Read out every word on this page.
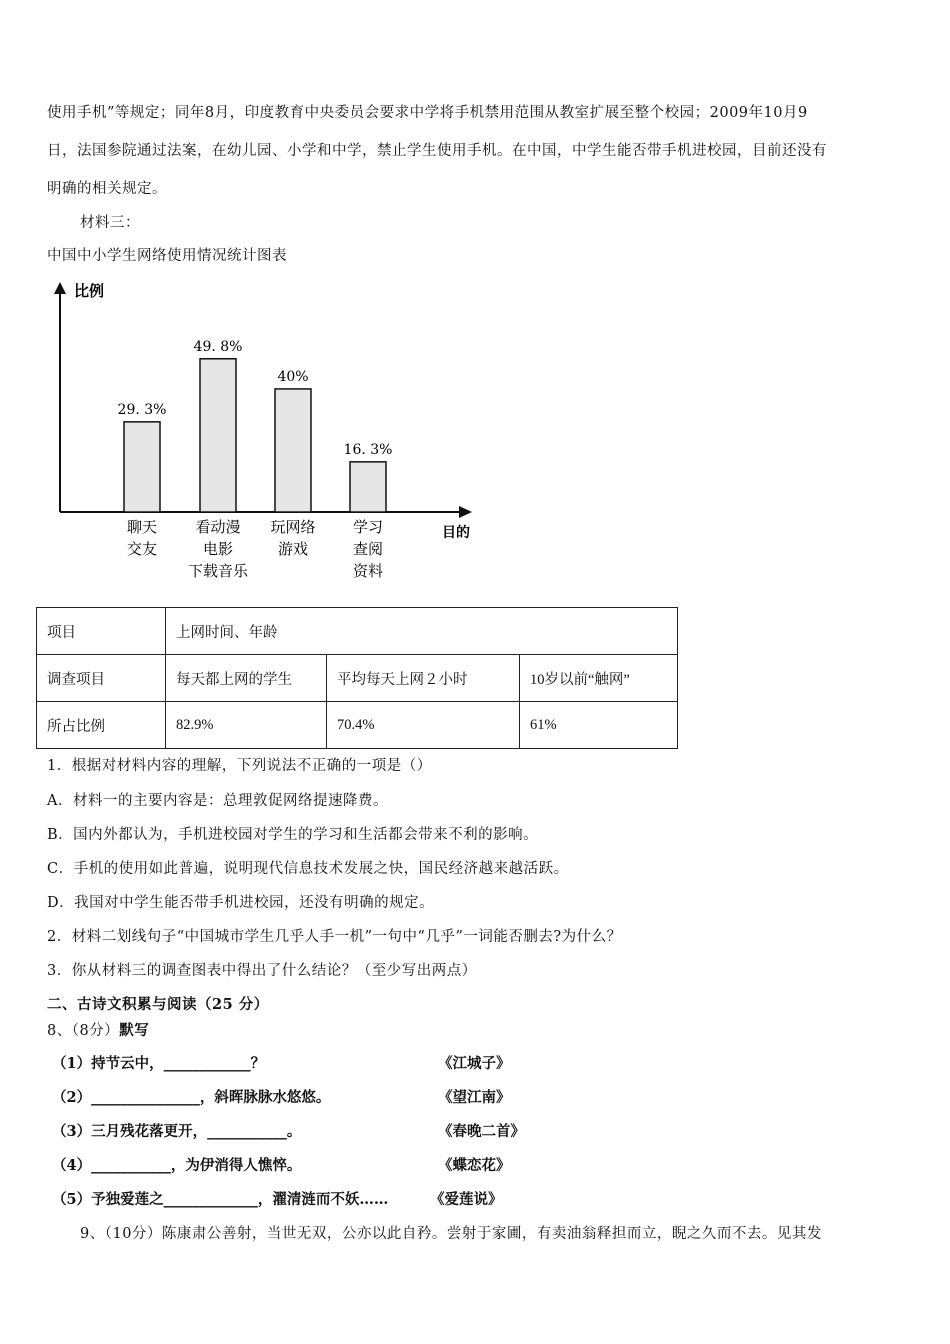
使用手机”等规定；同年8月，印度教育中央委员会要求中学将手机禁用范围从教室扩展至整个校园；2009年10月9
日，法国参院通过法案，在幼儿园、小学和中学，禁止学生使用手机。在中国，中学生能否带手机进校园，目前还没有
明确的相关规定。
材料三：
中国中小学生网络使用情况统计图表
比例
目的
29. 3%
聊天
交友
49. 8%
看动漫
电影
下载音乐
40%
玩网络
游戏
16. 3%
学习
查阅
资料
项目	上网时间、年龄		
调查项目	每天都上网的学生	平均每天上网２小时	10岁以前“触网”
所占比例	82.9%	70.4%	61%
1．根据对材料内容的理解，下列说法不正确的一项是（）
A．材料一的主要内容是：总理敦促网络提速降费。
B．国内外都认为，手机进校园对学生的学习和生活都会带来不利的影响。
C．手机的使用如此普遍，说明现代信息技术发展之快，国民经济越来越活跃。
D．我国对中学生能否带手机进校园，还没有明确的规定。
2．材料二划线句子“中国城市学生几乎人手一机”一句中“几乎”一词能否删去?为什么？
3．你从材料三的调查图表中得出了什么结论？（至少写出两点）
二、古诗文积累与阅读（25 分）
8、（8分）默写
（1）持节云中，____________？	《江城子》
（2）_______________，斜晖脉脉水悠悠。	《望江南》
（3）三月残花落更开，___________。	《春晚二首》
（4）___________，为伊消得人憔悴。	《蝶恋花》
（5）予独爱莲之_____________，濯清涟而不妖……	《爱莲说》
9、（10分）陈康肃公善射，当世无双，公亦以此自矜。尝射于家圃，有卖油翁释担而立，睨之久而不去。见其发
